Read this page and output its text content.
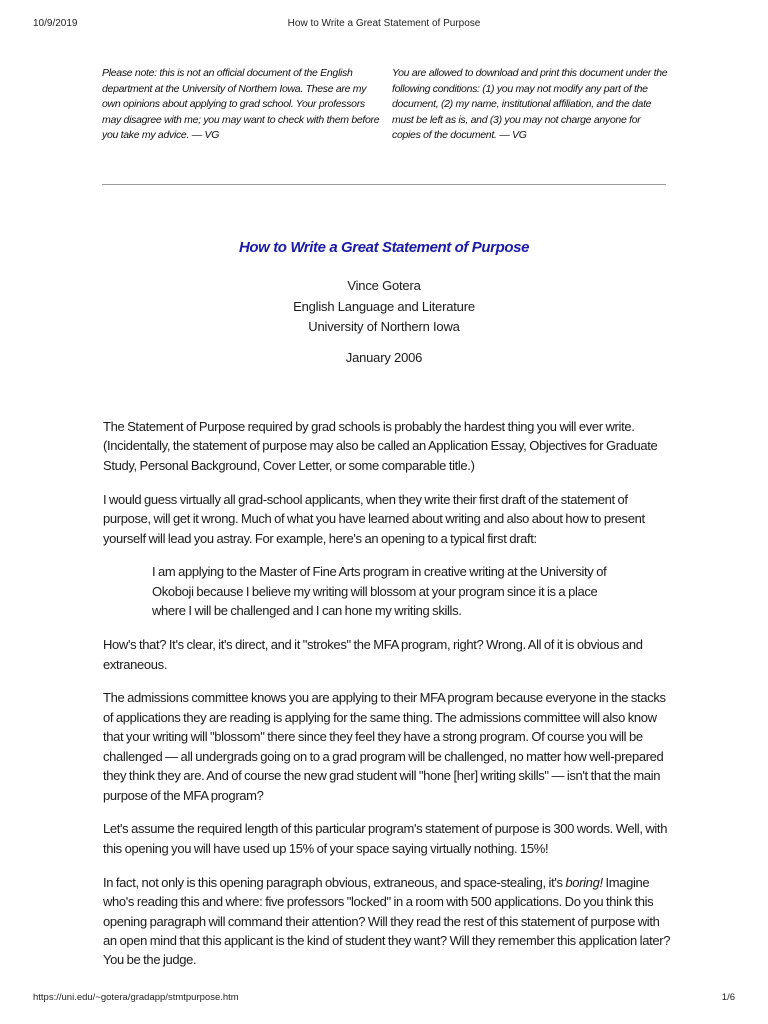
10/9/2019	How to Write a Great Statement of Purpose
Please note: this is not an official document of the English department at the University of Northern Iowa. These are my own opinions about applying to grad school. Your professors may disagree with me; you may want to check with them before you take my advice. — VG
You are allowed to download and print this document under the following conditions: (1) you may not modify any part of the document, (2) my name, institutional affiliation, and the date must be left as is, and (3) you may not charge anyone for copies of the document. — VG
How to Write a Great Statement of Purpose
Vince Gotera
English Language and Literature
University of Northern Iowa
January 2006

The Statement of Purpose required by grad schools is probably the hardest thing you will ever write. (Incidentally, the statement of purpose may also be called an Application Essay, Objectives for Graduate Study, Personal Background, Cover Letter, or some comparable title.)

I would guess virtually all grad-school applicants, when they write their first draft of the statement of purpose, will get it wrong. Much of what you have learned about writing and also about how to present yourself will lead you astray. For example, here's an opening to a typical first draft:

I am applying to the Master of Fine Arts program in creative writing at the University of Okoboji because I believe my writing will blossom at your program since it is a place where I will be challenged and I can hone my writing skills.

How's that? It's clear, it's direct, and it "strokes" the MFA program, right? Wrong. All of it is obvious and extraneous.

The admissions committee knows you are applying to their MFA program because everyone in the stacks of applications they are reading is applying for the same thing. The admissions committee will also know that your writing will "blossom" there since they feel they have a strong program. Of course you will be challenged — all undergrads going on to a grad program will be challenged, no matter how well-prepared they think they are. And of course the new grad student will "hone [her] writing skills" — isn't that the main purpose of the MFA program?

Let's assume the required length of this particular program's statement of purpose is 300 words. Well, with this opening you will have used up 15% of your space saying virtually nothing. 15%!

In fact, not only is this opening paragraph obvious, extraneous, and space-stealing, it's boring! Imagine who's reading this and where: five professors "locked" in a room with 500 applications. Do you think this opening paragraph will command their attention? Will they read the rest of this statement of purpose with an open mind that this applicant is the kind of student they want? Will they remember this application later? You be the judge.

https://uni.edu/~gotera/gradapp/stmtpurpose.htm	1/6
